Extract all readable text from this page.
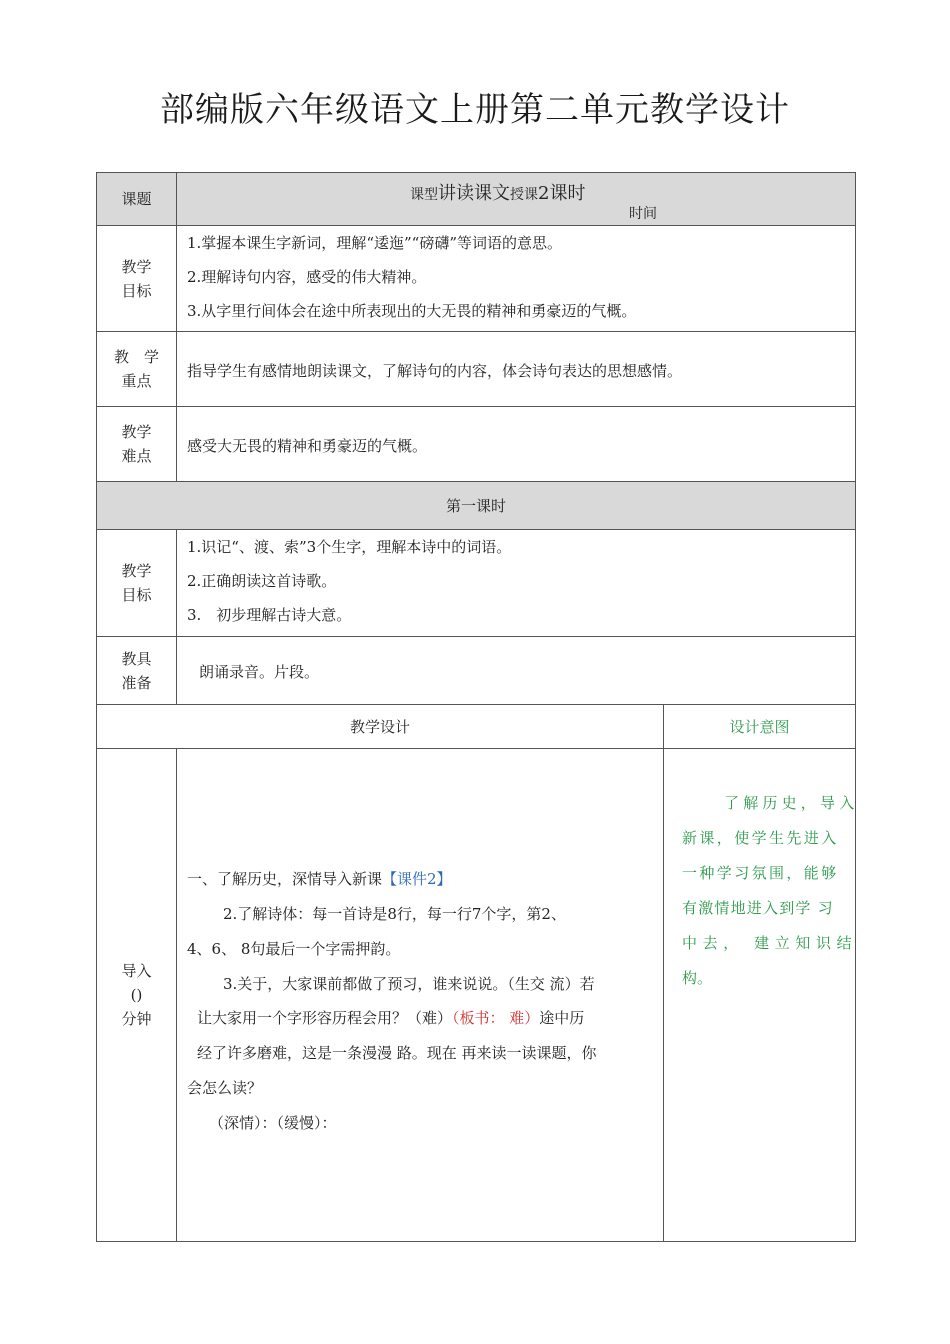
部编版六年级语文上册第二单元教学设计
课题	课型讲读课文授课2课时
时间
教学
目标
1.掌握本课生字新词，理解“逶迤”“磅礴”等词语的意思。
2.理解诗句内容，感受的伟大精神。
3.从字里行间体会在途中所表现出的大无畏的精神和勇豪迈的气概。
教　学
重点
指导学生有感情地朗读课文，了解诗句的内容，体会诗句表达的思想感情。
教学
难点
感受大无畏的精神和勇豪迈的气概。
第一课时
教学
目标
1.识记“、渡、索”3个生字，理解本诗中的词语。
2.正确朗读这首诗歌。
3.　初步理解古诗大意。
教具
准备
朗诵录音。片段。
教学设计	设计意图
导入
()
分钟
一、了解历史，深情导入新课【课件2】
2.了解诗体：每一首诗是8行，每一行7个字，第2、
4、6、 8句最后一个字需押韵。
3.关于，大家课前都做了预习，谁来说说。（生交 流）若
让大家用一个字形容历程会用？（难）（板书： 难）途中历
经了许多磨难，这是一条漫漫 路。现在 再来读一读课题，你
会怎么读？
（深情）：（缓慢）：
了解历史，导入
新课，使学生先进入
一种学习氛围，能够
有激情地进入到学 习
中去， 建立知识结
构。
